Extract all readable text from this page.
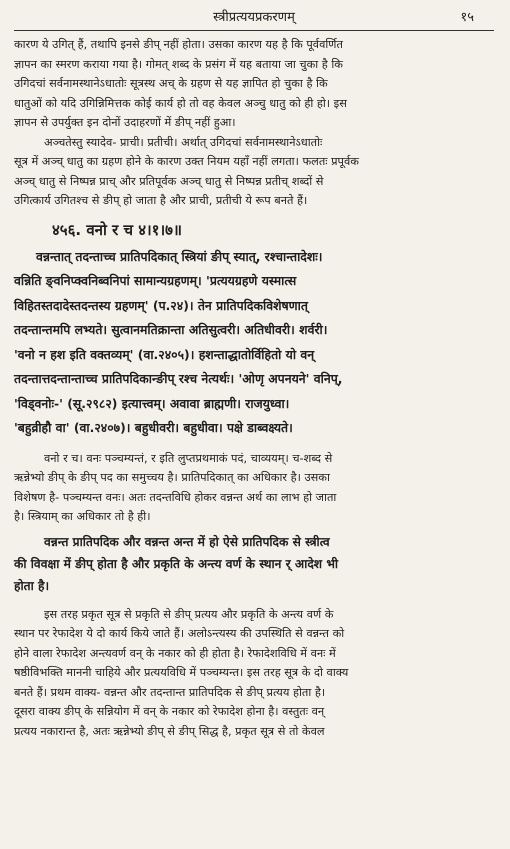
स्त्रीप्रत्ययप्रकरणम्	१५

कारण ये उगित् हैं, तथापि इनसे ङीप् नहीं होता। उसका कारण यह है कि पूर्ववर्णित

ज्ञापन का स्मरण कराया गया है। गोमत् शब्द के प्रसंग में यह बताया जा चुका है कि

उगिदचां सर्वनामस्थानेऽधातोः सूत्रस्थ अच् के ग्रहण से यह ज्ञापित हो चुका है कि

धातुओं को यदि उगिन्निमित्तक कोई कार्य हो तो वह केवल अञ्चु धातु को ही हो। इस

ज्ञापन से उपर्युक्त इन दोनों उदाहरणों में ङीप् नहीं हुआ।

अञ्चतेस्तु स्यादेव- प्राची। प्रतीची। अर्थात् उगिदचां सर्वनामस्थानेऽधातोः

सूत्र में अञ्च् धातु का ग्रहण होने के कारण उक्त नियम यहाँ नहीं लगता। फलतः प्रपूर्वक

अञ्च् धातु से निष्पन्न प्राच् और प्रतिपूर्वक अञ्च् धातु से निष्पन्न प्रतीच् शब्दों से

उगित्कार्य उगितश्च से ङीप् हो जाता है और प्राची, प्रतीची ये रूप बनते हैं।

४५६. वनो र च ४।१।७॥

वन्नन्तात् तदन्ताच्च प्रातिपदिकात् स्त्रियां ङीप् स्यात्, रश्चान्तादेशः।

वन्निति ङ्वनिप्क्वनिब्वनिपां सामान्यग्रहणम्। 'प्रत्ययग्रहणे यस्मात्स

विहितस्तदादेस्तदन्तस्य ग्रहणम्' (प.२४)। तेन प्रातिपदिकविशेषणात्

तदन्तान्तमपि लभ्यते। सुत्वानमतिक्रान्ता अतिसुत्वरी। अतिधीवरी। शर्वरी।

'वनो न हश इति वक्तव्यम्' (वा.२४०५)। हशन्ताद्धातोर्विहितो यो वन्

तदन्तात्तदन्तान्ताच्च प्रातिपदिकान्ङीप् रश्च नेत्यर्थः। 'ओणृ अपनयने' वनिप्,

'विड्वनोः-' (सू.२९८२) इत्यात्त्वम्। अवावा ब्राह्मणी। राजयुध्वा।

'बहुव्रीहौ वा' (वा.२४०७)। बहुधीवरी। बहुधीवा। पक्षे डाब्वक्ष्यते।

वनो र च। वनः पञ्चम्यन्तं, र इति लुप्तप्रथमाकं पदं, चाव्ययम्। च-शब्द से

ऋन्नेभ्यो ङीप् के ङीप् पद का समुच्चय है। प्रातिपदिकात् का अधिकार है। उसका

विशेषण है- पञ्चम्यन्त वनः। अतः तदन्तविधि होकर वन्नन्त अर्थ का लाभ हो जाता

है। स्त्रियाम् का अधिकार तो है ही।

वन्नन्त प्रातिपदिक और वन्नन्त अन्त में हो ऐसे प्रातिपदिक से स्त्रीत्व

की विवक्षा में ङीप् होता है और प्रकृति के अन्त्य वर्ण के स्थान र् आदेश भी

होता है।

इस तरह प्रकृत सूत्र से प्रकृति से ङीप् प्रत्यय और प्रकृति के अन्त्य वर्ण के

स्थान पर रेफादेश ये दो कार्य किये जाते हैं। अलोऽन्त्यस्य की उपस्थिति से वन्नन्त को

होने वाला रेफादेश अन्त्यवर्ण वन् के नकार को ही होता है। रेफादेशविधि में वनः में

षष्ठीविभक्ति माननी चाहिये और प्रत्ययविधि में पञ्चम्यन्त। इस तरह सूत्र के दो वाक्य

बनते हैं। प्रथम वाक्य- वन्नन्त और तदन्तान्त प्रातिपदिक से ङीप् प्रत्यय होता है।

दूसरा वाक्य ङीप् के सन्नियोग में वन् के नकार को रेफादेश होना है। वस्तुतः वन्

प्रत्यय नकारान्त है, अतः ऋन्नेभ्यो ङीप् से ङीप् सिद्ध है, प्रकृत सूत्र से तो केवल
